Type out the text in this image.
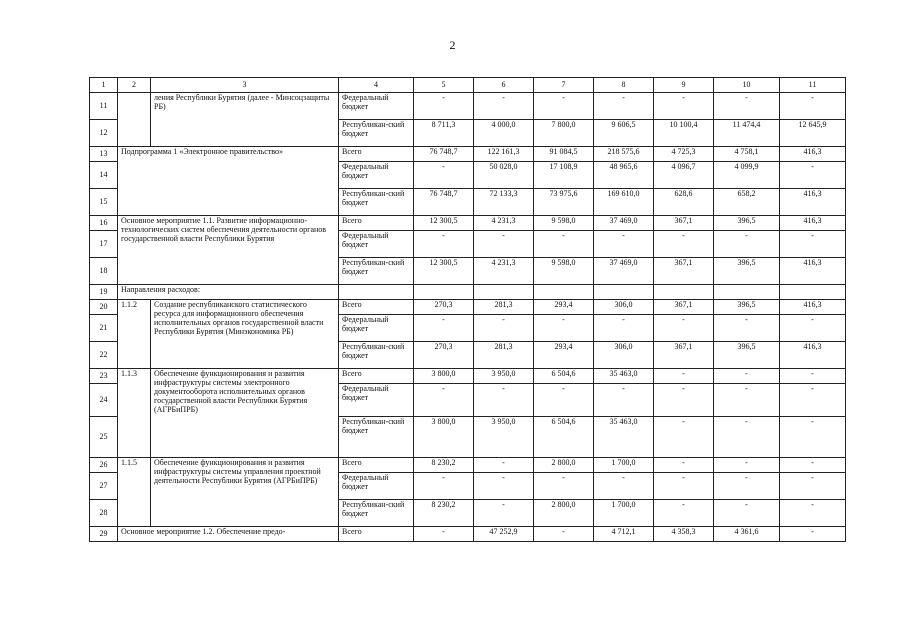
2
1	2	3	4	5	6	7	8	9	10	11
11		ления Республики Бурятия (далее - Минсоцзащиты РБ)	Федеральный бюджет	-	-	-	-	-	-	-
12			Республикан-ский бюджет	8 711,3	4 000,0	7 800,0	9 606,5	10 100,4	11 474,4	12 645,9
13	Подпрограмма 1 «Электронное правительство»		Всего	76 748,7	122 161,3	91 084,5	218 575,6	4 725,3	4 758,1	416,3
14			Федеральный бюджет	-	50 028,0	17 108,9	48 965,6	4 096,7	4 099,9	-
15			Республикан-ский бюджет	76 748,7	72 133,3	73 975,6	169 610,0	628,6	658,2	416,3
16	Основное мероприятие 1.1. Развитие информационно-технологических систем обеспечения деятельности органов государственной власти Республики Бурятия		Всего	12 300,5	4 231,3	9 598,0	37 469,0	367,1	396,5	416,3
17			Федеральный бюджет	-	-	-	-	-	-	-
18			Республикан-ский бюджет	12 300,5	4 231,3	9 598,0	37 469,0	367,1	396,5	416,3
19	Направления расходов:									
20	1.1.2	Создание республиканского статистического ресурса для информационного обеспечения исполнительных органов государственной власти Республики Бурятия (Минэкономика РБ)	Всего	270,3	281,3	293,4	306,0	367,1	396,5	416,3
21			Федеральный бюджет	-	-	-	-	-	-	-
22			Республикан-ский бюджет	270,3	281,3	293,4	306,0	367,1	396,5	416,3
23	1.1.3	Обеспечение функционирования и развития инфраструктуры системы электронного документооборота исполнительных органов государственной власти Республики Бурятия (АГРБиПРБ)	Всего	3 800,0	3 950,0	6 504,6	35 463,0	-	-	-
24			Федеральный бюджет	-	-	-	-	-	-	-
25			Республикан-ский бюджет	3 800,0	3 950,0	6 504,6	35 463,0	-	-	-
26	1.1.5	Обеспечение функционирования и развития инфраструктуры системы управления проектной деятельности Республики Бурятия (АГРБиПРБ)	Всего	8 230,2	-	2 800,0	1 700,0	-	-	-
27			Федеральный бюджет	-	-	-	-	-	-	-
28			Республикан-ский бюджет	8 230,2	-	2 800,0	1 700,0	-	-	-
29	Основное мероприятие 1.2. Обеспечение предо-		Всего	-	47 252,9	-	4 712,1	4 358,3	4 361,6	-
